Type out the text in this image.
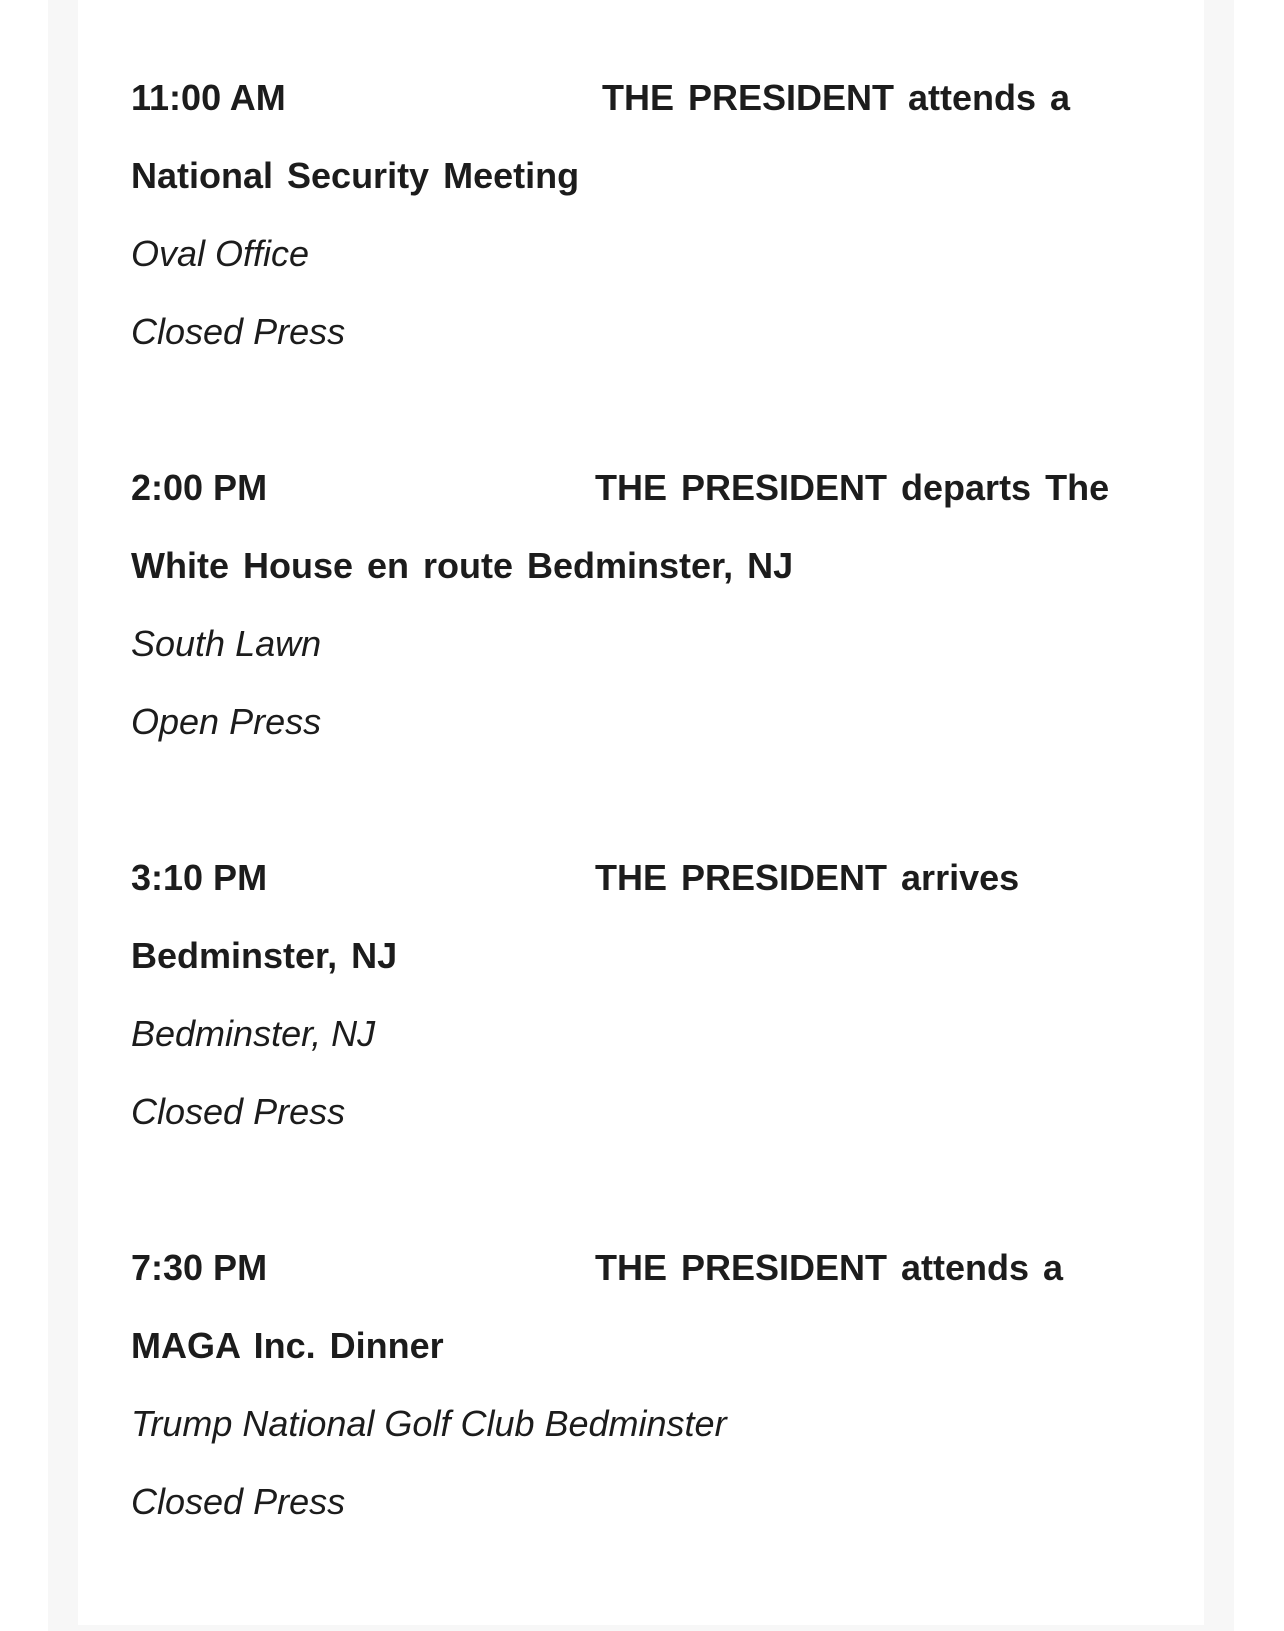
11:00 AM	THE PRESIDENT attends a
National Security Meeting
Oval Office
Closed Press
2:00 PM	THE PRESIDENT departs The
White House en route Bedminster, NJ
South Lawn
Open Press
3:10 PM	THE PRESIDENT arrives
Bedminster, NJ
Bedminster, NJ
Closed Press
7:30 PM	THE PRESIDENT attends a
MAGA Inc. Dinner
Trump National Golf Club Bedminster
Closed Press
